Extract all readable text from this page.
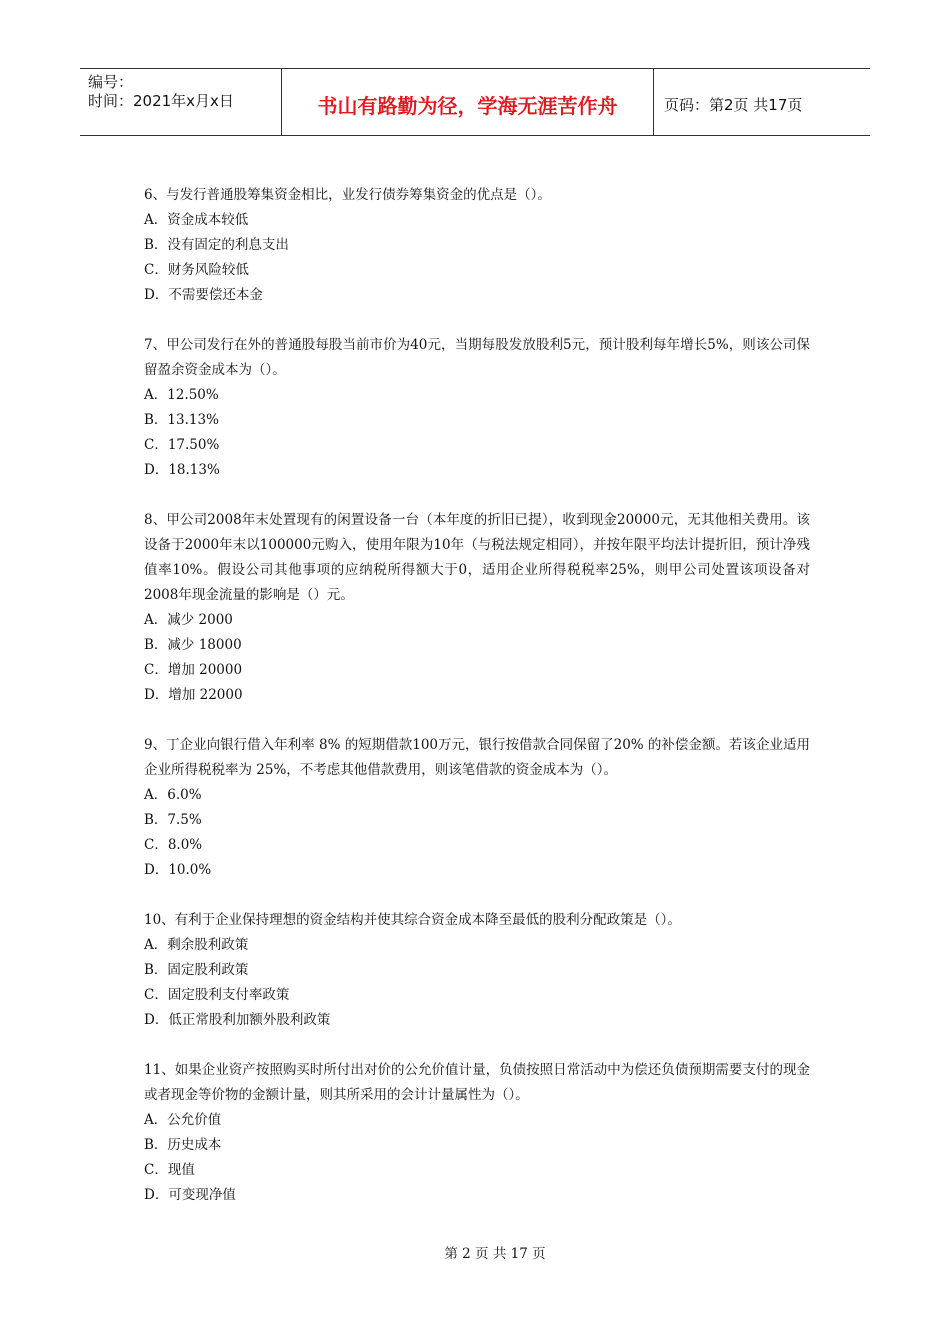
编号：
时间：2021年x月x日	书山有路勤为径，学海无涯苦作舟	页码：第2页 共17页

6、与发行普通股筹集资金相比，业发行债券筹集资金的优点是（）。

A．资金成本较低

B．没有固定的利息支出

C．财务风险较低

D．不需要偿还本金

7、甲公司发行在外的普通股每股当前市价为40元，当期每股发放股利5元，预计股利每年增长5%，则该公司保留盈余资金成本为（）。

A．12.50%

B．13.13%

C．17.50%

D．18.13%

8、甲公司2008年末处置现有的闲置设备一台（本年度的折旧已提），收到现金20000元，无其他相关费用。该设备于2000年末以100000元购入，使用年限为10年（与税法规定相同），并按年限平均法计提折旧，预计净残值率10%。假设公司其他事项的应纳税所得额大于0，适用企业所得税税率25%，则甲公司处置该项设备对2008年现金流量的影响是（）元。

A．减少 2000

B．减少 18000

C．增加 20000

D．增加 22000

9、丁企业向银行借入年利率 8% 的短期借款100万元，银行按借款合同保留了20% 的补偿金额。若该企业适用企业所得税税率为 25%，不考虑其他借款费用，则该笔借款的资金成本为（）。

A．6.0%

B．7.5%

C．8.0%

D．10.0%

10、有利于企业保持理想的资金结构并使其综合资金成本降至最低的股利分配政策是（）。

A．剩余股利政策

B．固定股利政策

C．固定股利支付率政策

D．低正常股利加额外股利政策

11、如果企业资产按照购买时所付出对价的公允价值计量，负债按照日常活动中为偿还负债预期需要支付的现金或者现金等价物的金额计量，则其所采用的会计计量属性为（）。

A．公允价值

B．历史成本

C．现值

D．可变现净值

第 2 页 共 17 页
